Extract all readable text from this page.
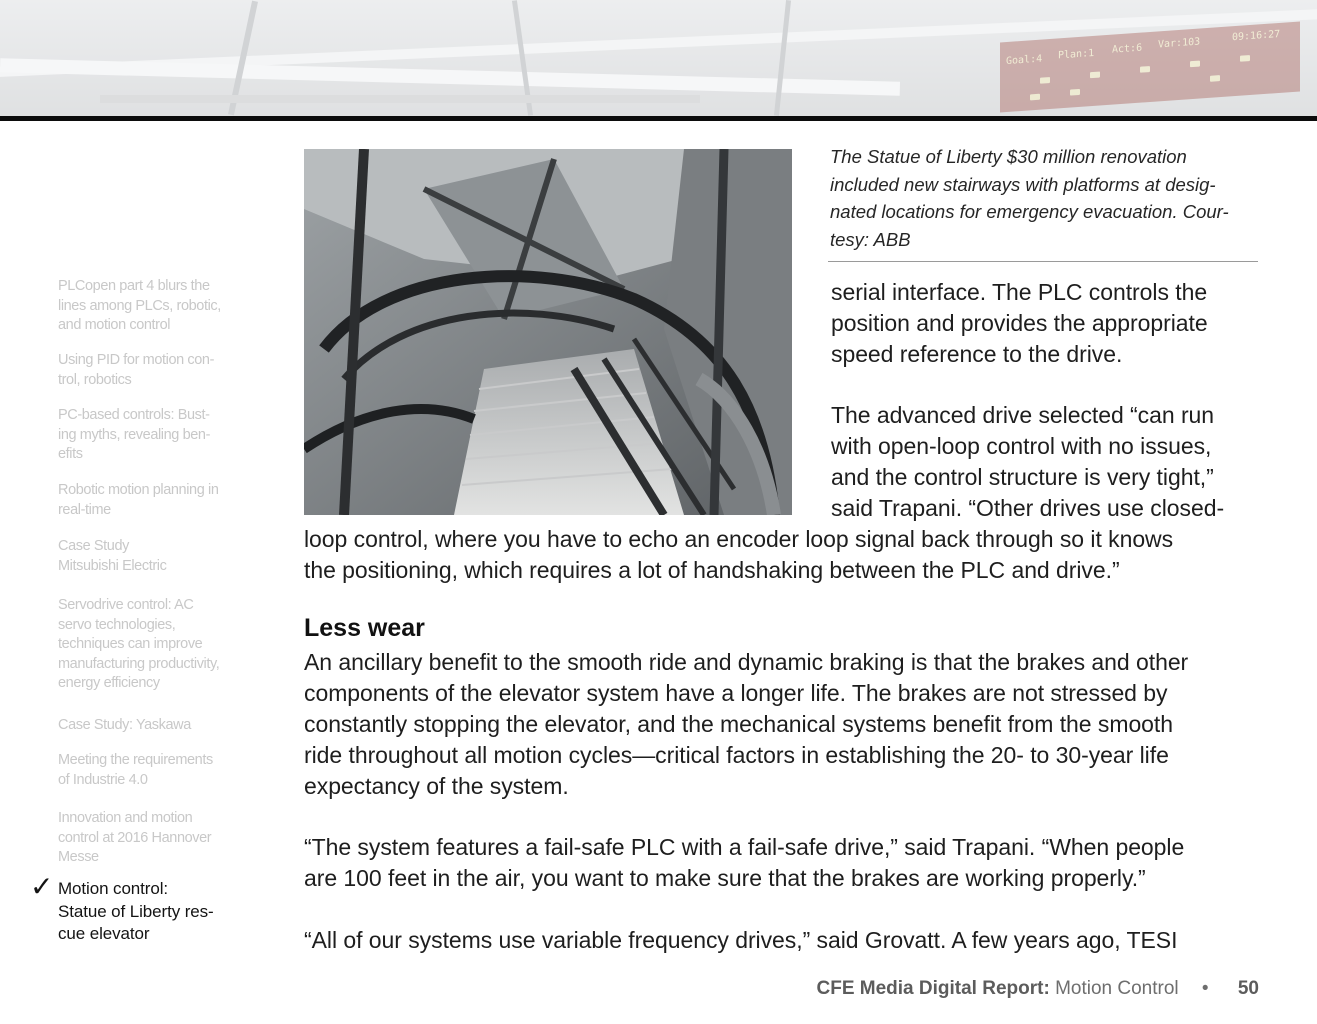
Goal:4 Plan:1 Act:6 Var:103
09:16:27
PLCopen part 4 blurs the
lines among PLCs, robotic,
and motion control
Using PID for motion con-
trol, robotics
PC-based controls: Bust-
ing myths, revealing ben-
efits
Robotic motion planning in
real-time
Case Study
Mitsubishi Electric
Servodrive control: AC
servo technologies,
techniques can improve
manufacturing productivity,
energy efficiency
Case Study: Yaskawa
Meeting the requirements
of Industrie 4.0
Innovation and motion
control at 2016 Hannover
Messe
Motion control:
Statue of Liberty res-
cue elevator
✓
The Statue of Liberty $30 million renovation
included new stairways with platforms at desig-
nated locations for emergency evacuation. Cour-
tesy: ABB
serial interface. The PLC controls the
position and provides the appropriate
speed reference to the drive.
The advanced drive selected “can run
with open-loop control with no issues,
and the control structure is very tight,”
said Trapani. “Other drives use closed-
loop control, where you have to echo an encoder loop signal back through so it knows
the positioning, which requires a lot of handshaking between the PLC and drive.”
Less wear
An ancillary benefit to the smooth ride and dynamic braking is that the brakes and other
components of the elevator system have a longer life. The brakes are not stressed by
constantly stopping the elevator, and the mechanical systems benefit from the smooth
ride throughout all motion cycles—critical factors in establishing the 20- to 30-year life
expectancy of the system.
“The system features a fail-safe PLC with a fail-safe drive,” said Trapani. “When people
are 100 feet in the air, you want to make sure that the brakes are working properly.”
“All of our systems use variable frequency drives,” said Grovatt. A few years ago, TESI
CFE Media Digital Report: Motion Control • 50
